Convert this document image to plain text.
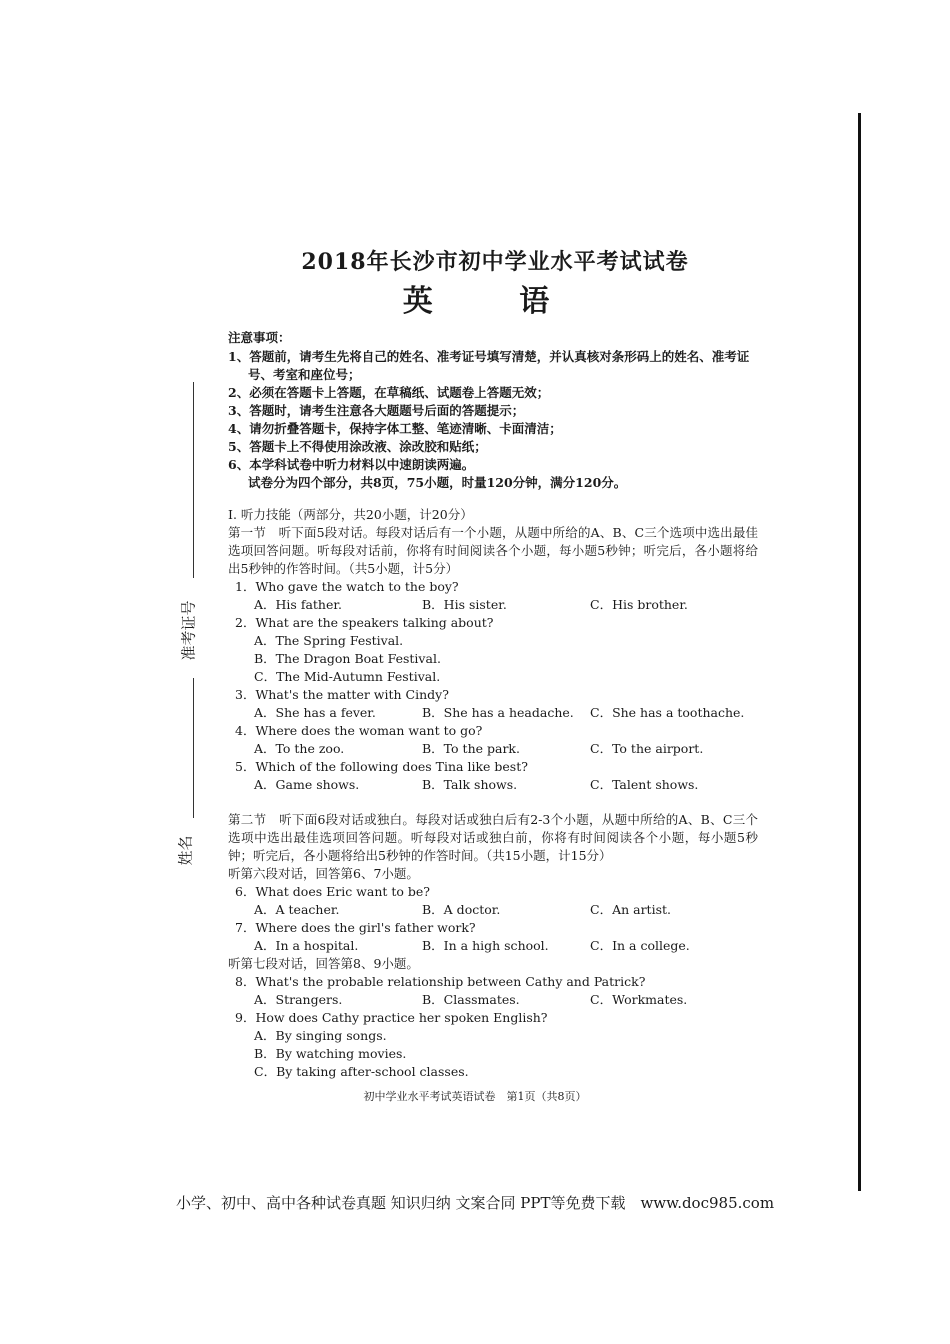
准考证号
姓名
2018年长沙市初中学业水平考试试卷
英 语
注意事项：
1、答题前，请考生先将自己的姓名、准考证号填写清楚，并认真核对条形码上的姓名、准考证号、考室和座位号；
2、必须在答题卡上答题，在草稿纸、试题卷上答题无效；
3、答题时，请考生注意各大题题号后面的答题提示；
4、请勿折叠答题卡，保持字体工整、笔迹清晰、卡面清洁；
5、答题卡上不得使用涂改液、涂改胶和贴纸；
6、本学科试卷中听力材料以中速朗读两遍。
试卷分为四个部分，共8页，75小题，时量120分钟，满分120分。
I. 听力技能（两部分，共20小题，计20分）
第一节　听下面5段对话。每段对话后有一个小题，从题中所给的A、B、C三个选项中选出最佳选项回答问题。听每段对话前，你将有时间阅读各个小题，每小题5秒钟；听完后，各小题将给出5秒钟的作答时间。（共5小题，计5分）
1．Who gave the watch to the boy?
A．His father.	B．His sister.	C．His brother.
2．What are the speakers talking about?
A．The Spring Festival.
B．The Dragon Boat Festival.
C．The Mid-Autumn Festival.
3．What's the matter with Cindy?
A．She has a fever.	B．She has a headache.	C．She has a toothache.
4．Where does the woman want to go?
A．To the zoo.	B．To the park.	C．To the airport.
5．Which of the following does Tina like best?
A．Game shows.	B．Talk shows.	C．Talent shows.
第二节　听下面6段对话或独白。每段对话或独白后有2-3个小题，从题中所给的A、B、C三个选项中选出最佳选项回答问题。听每段对话或独白前，你将有时间阅读各个小题，每小题5秒钟；听完后，各小题将给出5秒钟的作答时间。（共15小题，计15分）
听第六段对话，回答第6、7小题。
6．What does Eric want to be?
A．A teacher.	B．A doctor.	C．An artist.
7．Where does the girl's father work?
A．In a hospital.	B．In a high school.	C．In a college.
听第七段对话，回答第8、9小题。
8．What's the probable relationship between Cathy and Patrick?
A．Strangers.	B．Classmates.	C．Workmates.
9．How does Cathy practice her spoken English?
A．By singing songs.
B．By watching movies.
C．By taking after-school classes.
初中学业水平考试英语试卷　第1页（共8页）
小学、初中、高中各种试卷真题 知识归纳 文案合同 PPT等免费下载　www.doc985.com
